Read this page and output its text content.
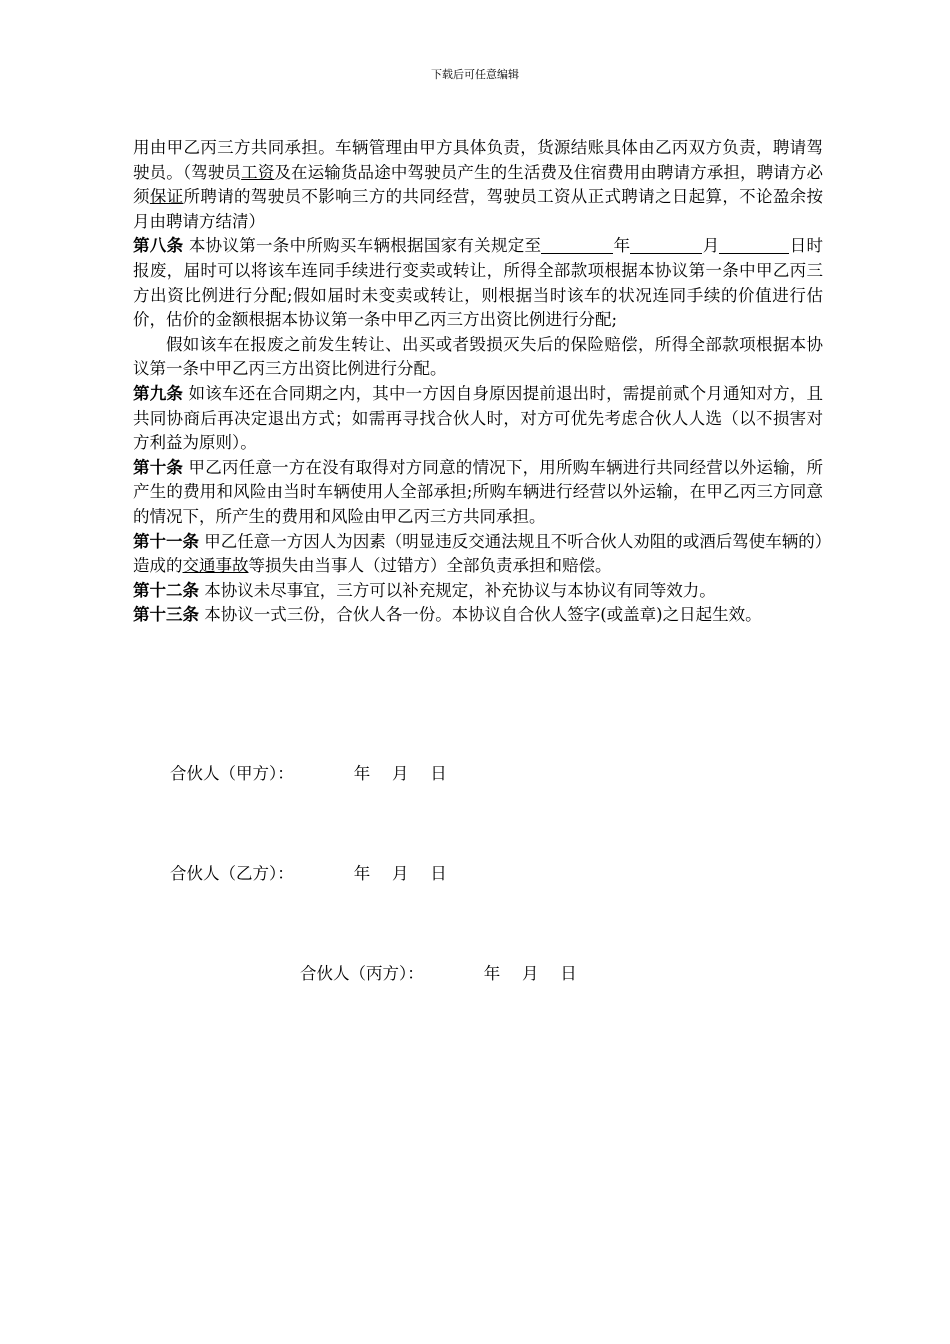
下载后可任意编辑

用由甲乙丙三方共同承担。车辆管理由甲方具体负责，货源结账具体由乙丙双方负责，聘请驾驶员。（驾驶员工资及在运输货品途中驾驶员产生的生活费及住宿费用由聘请方承担，聘请方必须保证所聘请的驾驶员不影响三方的共同经营，驾驶员工资从正式聘请之日起算，不论盈余按月由聘请方结清）

第八条 本协议第一条中所购买车辆根据国家有关规定至	年	月	日时报废，届时可以将该车连同手续进行变卖或转让，所得全部款项根据本协议第一条中甲乙丙三方出资比例进行分配;假如届时未变卖或转让，则根据当时该车的状况连同手续的价值进行估价，估价的金额根据本协议第一条中甲乙丙三方出资比例进行分配;

假如该车在报废之前发生转让、出买或者毁损灭失后的保险赔偿，所得全部款项根据本协议第一条中甲乙丙三方出资比例进行分配。

第九条 如该车还在合同期之内，其中一方因自身原因提前退出时，需提前贰个月通知对方，且共同协商后再决定退出方式；如需再寻找合伙人时，对方可优先考虑合伙人人选（以不损害对方利益为原则）。

第十条 甲乙丙任意一方在没有取得对方同意的情况下，用所购车辆进行共同经营以外运输，所产生的费用和风险由当时车辆使用人全部承担;所购车辆进行经营以外运输，在甲乙丙三方同意的情况下，所产生的费用和风险由甲乙丙三方共同承担。

第十一条 甲乙任意一方因人为因素（明显违反交通法规且不听合伙人劝阻的或酒后驾使车辆的）造成的交通事故等损失由当事人（过错方）全部负责承担和赔偿。

第十二条 本协议未尽事宜，三方可以补充规定，补充协议与本协议有同等效力。

第十三条 本协议一式三份，合伙人各一份。本协议自合伙人签字(或盖章)之日起生效。

合伙人（甲方）：	年 月 日
合伙人（乙方）：	年 月 日
合伙人（丙方）：	年 月 日
